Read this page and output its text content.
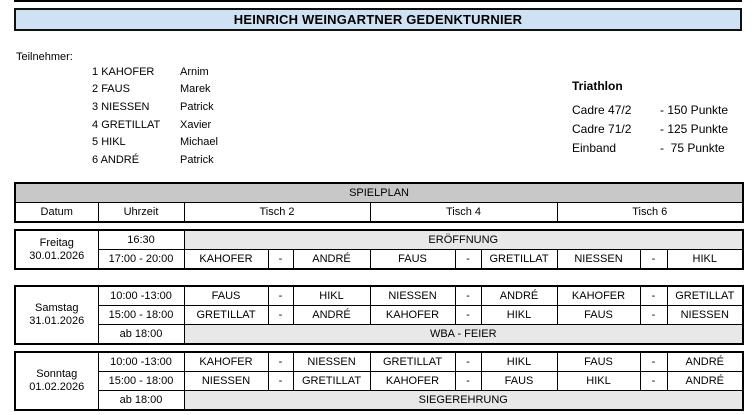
HEINRICH WEINGARTNER GEDENKTURNIER
Teilnehmer:
1 KAHOFER	Arnim
2 FAUS	Marek
3 NIESSEN	Patrick
4 GRETILLAT	Xavier
5 HIKL	Michael
6 ANDRÉ	Patrick
Triathlon
Cadre 47/2	- 150 Punkte
Cadre 71/2	- 125 Punkte
Einband	-  75 Punkte
SPIELPLAN
Datum	Uhrzeit	Tisch 2	Tisch 4	Tisch 6
Freitag
30.01.2026	16:30	ERÖFFNUNG								
	17:00 - 20:00	KAHOFER	-	ANDRÉ	FAUS	-	GRETILLAT	NIESSEN	-	HIKL
Samstag
31.01.2026	10:00 -13:00	FAUS	-	HIKL	NIESSEN	-	ANDRÉ	KAHOFER	-	GRETILLAT
	15:00 - 18:00	GRETILLAT	-	ANDRÉ	KAHOFER	-	HIKL	FAUS	-	NIESSEN
	ab 18:00	WBA - FEIER								
Sonntag
01.02.2026	10:00 -13:00	KAHOFER	-	NIESSEN	GRETILLAT	-	HIKL	FAUS	-	ANDRÉ
	15:00 - 18:00	NIESSEN	-	GRETILLAT	KAHOFER	-	FAUS	HIKL	-	ANDRÉ
	ab 18:00	SIEGEREHRUNG								
